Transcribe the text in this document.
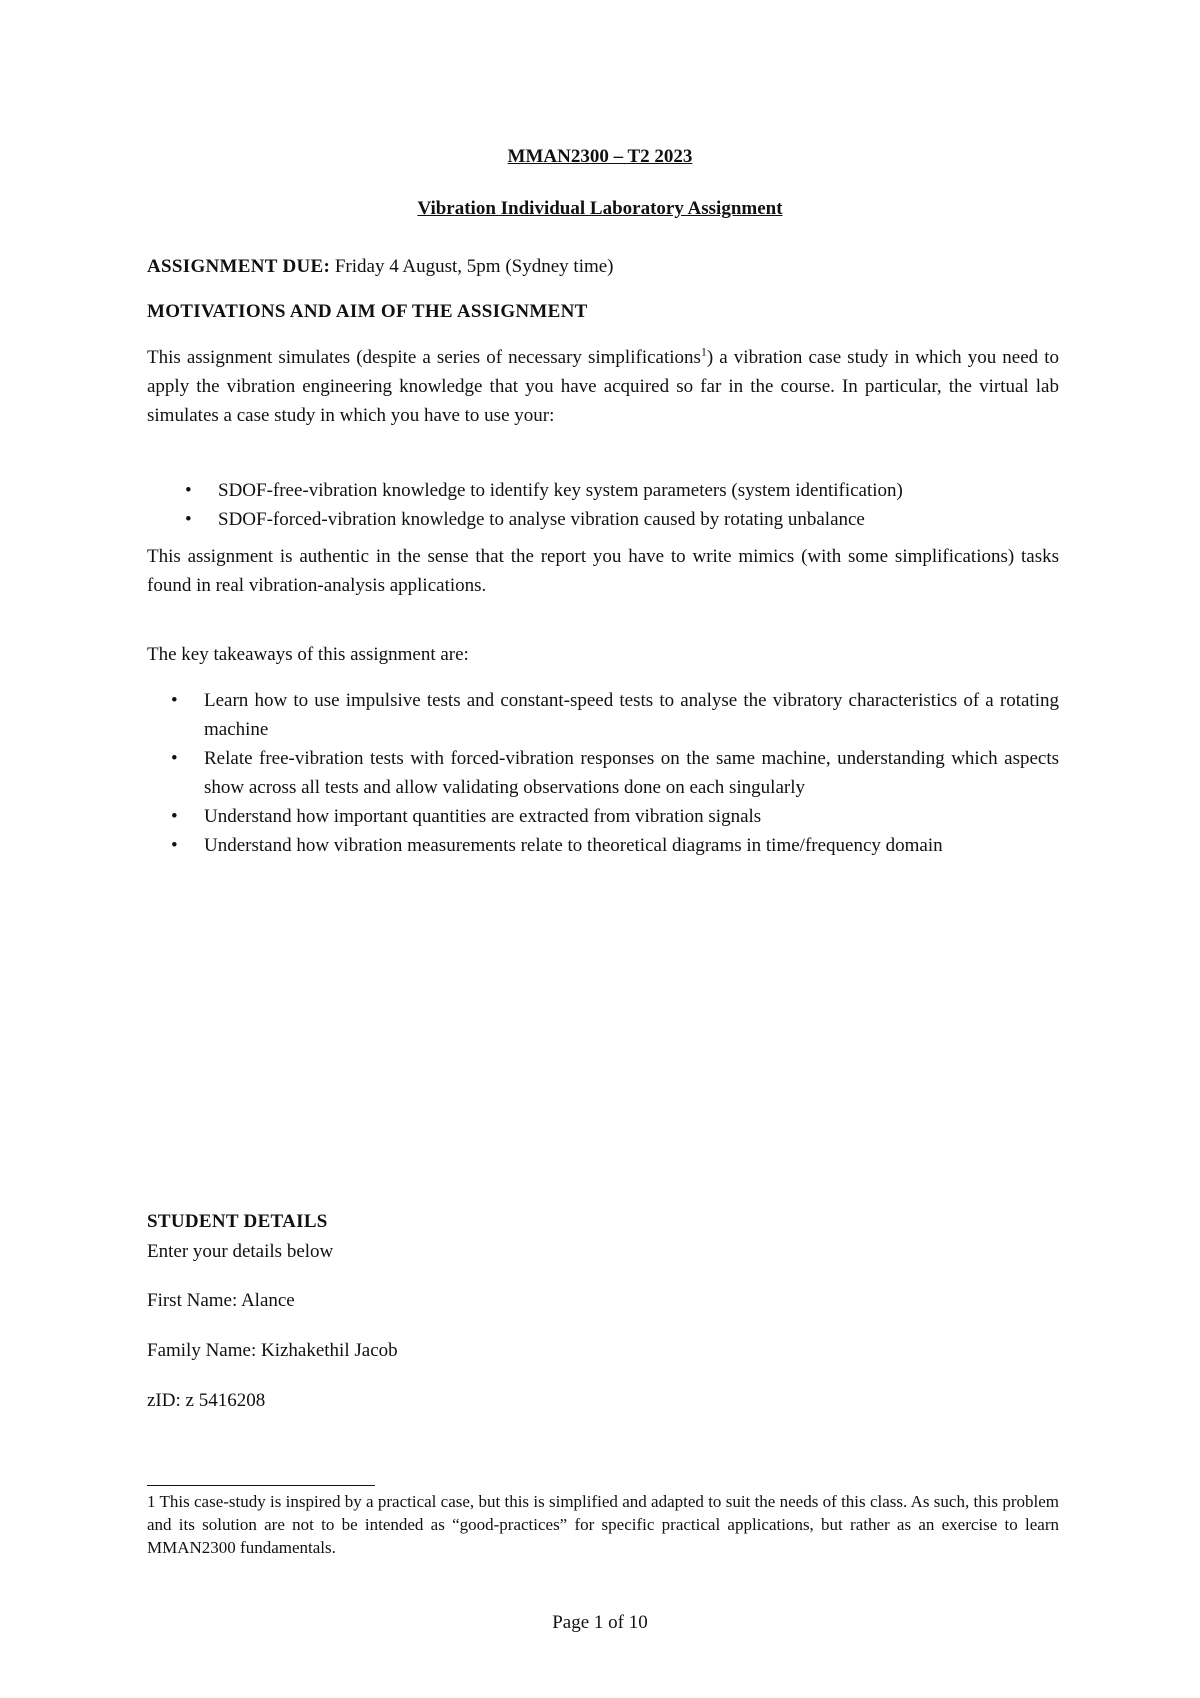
MMAN2300 – T2 2023
Vibration Individual Laboratory Assignment

ASSIGNMENT DUE: Friday 4 August, 5pm (Sydney time)

MOTIVATIONS AND AIM OF THE ASSIGNMENT

This assignment simulates (despite a series of necessary simplifications$^1$) a vibration case study in which you need to apply the vibration engineering knowledge that you have acquired so far in the course. In particular, the virtual lab simulates a case study in which you have to use your:

• SDOF-free-vibration knowledge to identify key system parameters (system identification)
• SDOF-forced-vibration knowledge to analyse vibration caused by rotating unbalance

This assignment is authentic in the sense that the report you have to write mimics (with some simplifications) tasks found in real vibration-analysis applications.

The key takeaways of this assignment are:

• Learn how to use impulsive tests and constant-speed tests to analyse the vibratory characteristics of a rotating machine
• Relate free-vibration tests with forced-vibration responses on the same machine, understanding which aspects show across all tests and allow validating observations done on each singularly
• Understand how important quantities are extracted from vibration signals
• Understand how vibration measurements relate to theoretical diagrams in time/frequency domain

STUDENT DETAILS

Enter your details below

First Name: Alance

Family Name: Kizhakethil Jacob

zID: z 5416208

1 This case-study is inspired by a practical case, but this is simplified and adapted to suit the needs of this class. As such, this problem and its solution are not to be intended as “good-practices” for specific practical applications, but rather as an exercise to learn MMAN2300 fundamentals.

Page 1 of 10
